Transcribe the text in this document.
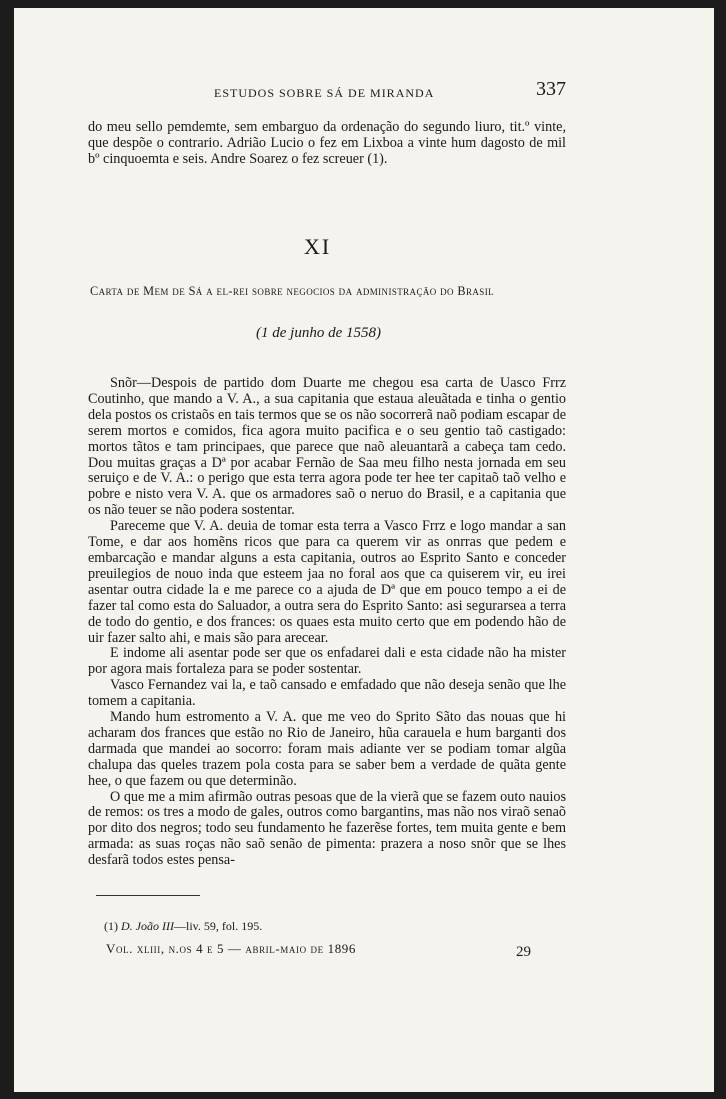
ESTUDOS SOBRE SÁ DE MIRANDA	337

do meu sello pemdemte, sem embarguo da ordenação do segundo liuro, tit.º vinte, que despõe o contrario. Adrião Lucio o fez em Lixboa a vinte hum dagosto de mil bº cinquoemta e seis. Andre Soarez o fez screuer (1).

XI
Carta de Mem de Sá a el-rei sobre negocios da administração do Brasil
(1 de junho de 1558)

Snõr—Despois de partido dom Duarte me chegou esa carta de Uasco Frrz Coutinho, que mando a V. A., a sua capitania que estaua aleuãtada e tinha o gentio dela postos os cristaõs en tais termos que se os não socorrerã naõ podiam escapar de serem mortos e comidos, fica agora muito pacifica e o seu gentio taõ castigado: mortos tãtos e tam principaes, que parece que naõ aleuantarã a cabeça tam cedo. Dou muitas graças a Dª por acabar Fernão de Saa meu filho nesta jornada em seu seruiço e de V. A.: o perigo que esta terra agora pode ter hee ter capitaõ taõ velho e pobre e nisto vera V. A. que os armadores saõ o neruo do Brasil, e a capitania que os não teuer se não podera sostentar.

Pareceme que V. A. deuia de tomar esta terra a Vasco Frrz e logo mandar a san Tome, e dar aos homẽns ricos que para ca querem vir as onrras que pedem e embarcação e mandar alguns a esta capitania, outros ao Esprito Santo e conceder preuilegios de nouo inda que esteem jaa no foral aos que ca quiserem vir, eu irei asentar outra cidade la e me parece co a ajuda de Dª que em pouco tempo a ei de fazer tal como esta do Saluador, a outra sera do Esprito Santo: asi segurarsea a terra de todo do gentio, e dos frances: os quaes esta muito certo que em podendo hão de uir fazer salto ahi, e mais são para arecear.

E indome ali asentar pode ser que os enfadarei dali e esta cidade não ha mister por agora mais fortaleza para se poder sostentar.

Vasco Fernandez vai la, e taõ cansado e emfadado que não deseja senão que lhe tomem a capitania.

Mando hum estromento a V. A. que me veo do Sprito Sãto das nouas que hi acharam dos frances que estão no Rio de Janeiro, hũa carauela e hum barganti dos darmada que mandei ao socorro: foram mais adiante ver se podiam tomar algũa chalupa das queles trazem pola costa para se saber bem a verdade de quãta gente hee, o que fazem ou que determinão.

O que me a mim afirmão outras pesoas que de la vierã que se fazem outo nauios de remos: os tres a modo de gales, outros como bargantins, mas não nos viraõ senaõ por dito dos negros; todo seu fundamento he fazerẽse fortes, tem muita gente e bem armada: as suas roças não saõ senão de pimenta: prazera a noso snõr que se lhes desfarã todos estes pensa-

(1) D. João III—liv. 59, fol. 195.
Vol. xliii, n.os 4 e 5 — abril-maio de 1896	29
